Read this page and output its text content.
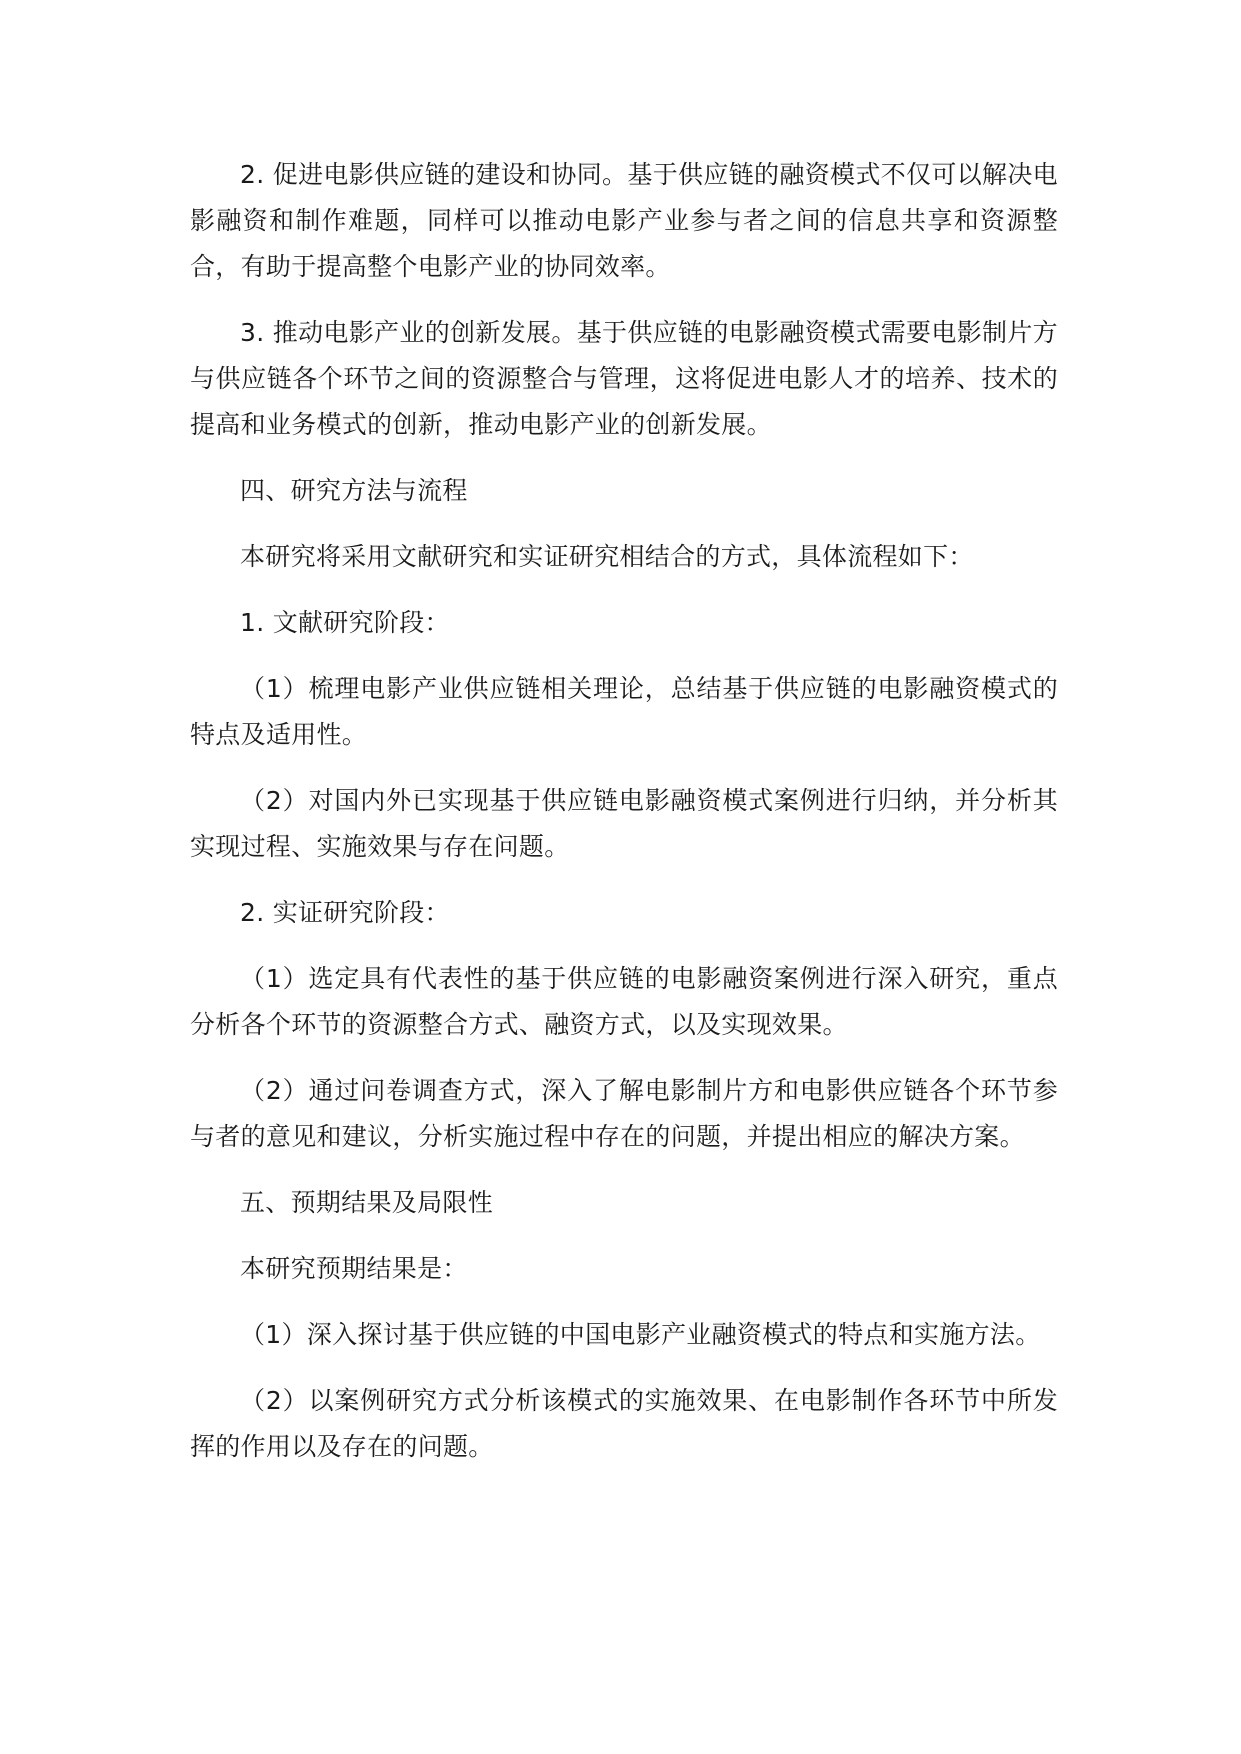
2. 促进电影供应链的建设和协同。基于供应链的融资模式不仅可以解决电影融资和制作难题，同样可以推动电影产业参与者之间的信息共享和资源整合，有助于提高整个电影产业的协同效率。

3. 推动电影产业的创新发展。基于供应链的电影融资模式需要电影制片方与供应链各个环节之间的资源整合与管理，这将促进电影人才的培养、技术的提高和业务模式的创新，推动电影产业的创新发展。

四、研究方法与流程

本研究将采用文献研究和实证研究相结合的方式，具体流程如下：

1. 文献研究阶段：

（1）梳理电影产业供应链相关理论，总结基于供应链的电影融资模式的特点及适用性。

（2）对国内外已实现基于供应链电影融资模式案例进行归纳，并分析其实现过程、实施效果与存在问题。

2. 实证研究阶段：

（1）选定具有代表性的基于供应链的电影融资案例进行深入研究，重点分析各个环节的资源整合方式、融资方式，以及实现效果。

（2）通过问卷调查方式，深入了解电影制片方和电影供应链各个环节参与者的意见和建议，分析实施过程中存在的问题，并提出相应的解决方案。

五、预期结果及局限性

本研究预期结果是：

（1）深入探讨基于供应链的中国电影产业融资模式的特点和实施方法。

（2）以案例研究方式分析该模式的实施效果、在电影制作各环节中所发挥的作用以及存在的问题。
